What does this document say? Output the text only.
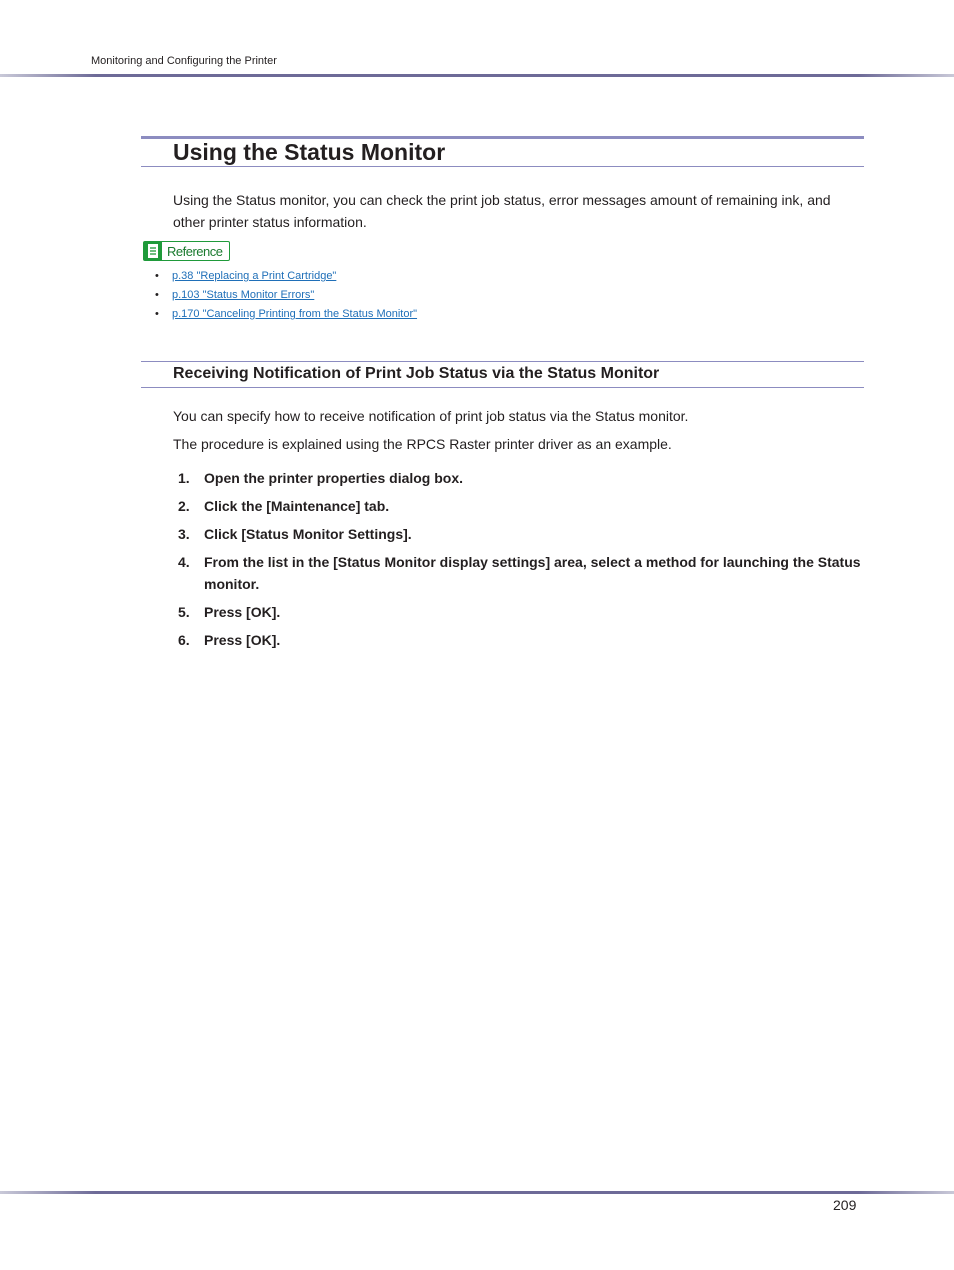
Monitoring and Configuring the Printer
Using the Status Monitor

Using the Status monitor, you can check the print job status, error messages amount of remaining ink, and other printer status information.

Reference
• p.38 "Replacing a Print Cartridge"
• p.103 "Status Monitor Errors"
• p.170 "Canceling Printing from the Status Monitor"
Receiving Notification of Print Job Status via the Status Monitor

You can specify how to receive notification of print job status via the Status monitor.

The procedure is explained using the RPCS Raster printer driver as an example.

1. Open the printer properties dialog box.
2. Click the [Maintenance] tab.
3. Click [Status Monitor Settings].
4. From the list in the [Status Monitor display settings] area, select a method for launching the Status monitor.
5. Press [OK].
6. Press [OK].
209
